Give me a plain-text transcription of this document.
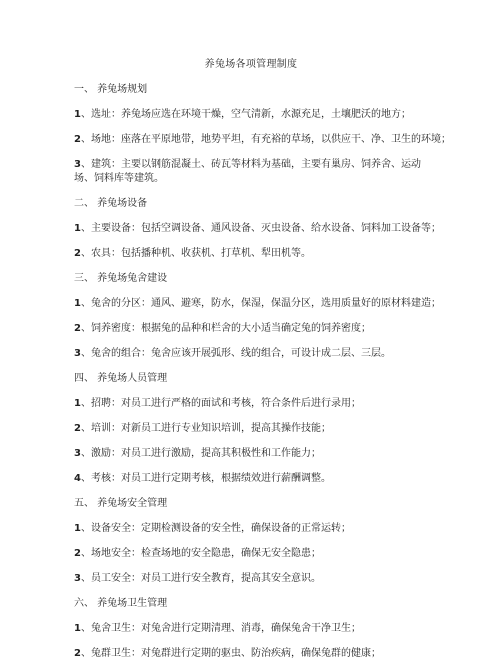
养兔场各项管理制度
一、 养兔场规划
1、选址：养兔场应选在环境干燥，空气清新，水源充足，土壤肥沃的地方；
2、场地：座落在平原地带，地势平坦，有充裕的草场，以供应干、净、卫生的环境；
3、建筑：主要以钢筋混凝土、砖瓦等材料为基础，主要有巢房、饲养舍、运动场、饲料库等建筑。
二、 养兔场设备
1、主要设备：包括空调设备、通风设备、灭虫设备、给水设备、饲料加工设备等；
2、农具：包括播种机、收获机、打草机、犁田机等。
三、 养兔场兔舍建设
1、兔舍的分区：通风、避寒，防水，保湿，保温分区，选用质量好的原材料建造；
2、饲养密度：根据兔的品种和栏舍的大小适当确定兔的饲养密度；
3、兔舍的组合：兔舍应该开展弧形、线的组合，可设计成二层、三层。
四、 养兔场人员管理
1、招聘：对员工进行严格的面试和考核，符合条件后进行录用；
2、培训：对新员工进行专业知识培训，提高其操作技能；
3、激励：对员工进行激励，提高其积极性和工作能力；
4、考核：对员工进行定期考核，根据绩效进行薪酬调整。
五、 养兔场安全管理
1、设备安全：定期检测设备的安全性，确保设备的正常运转；
2、场地安全：检查场地的安全隐患，确保无安全隐患；
3、员工安全：对员工进行安全教育，提高其安全意识。
六、 养兔场卫生管理
1、兔舍卫生：对兔舍进行定期清理、消毒，确保兔舍干净卫生；
2、兔群卫生：对兔群进行定期的驱虫、防治疾病，确保兔群的健康；
